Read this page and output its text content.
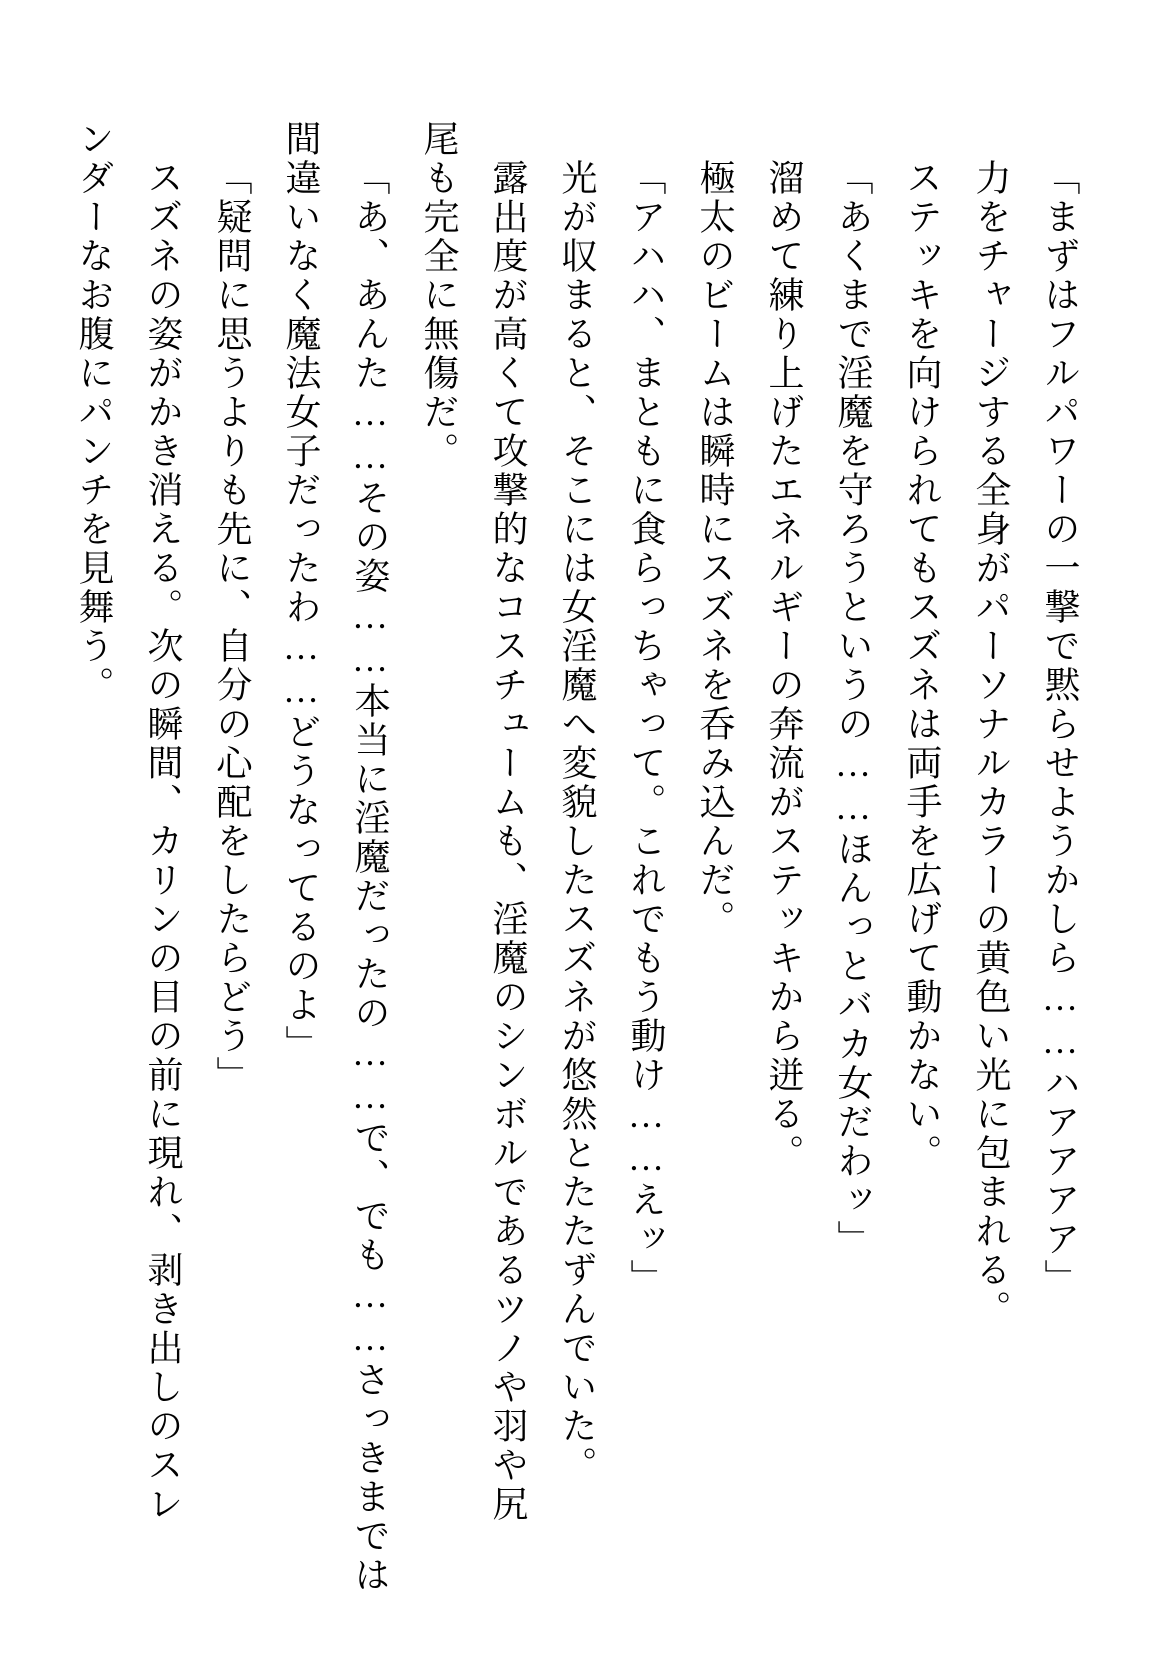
「まずはフルパワーの一撃で黙らせようかしら……ハアアアア」

力をチャージする全身がパーソナルカラーの黄色い光に包まれる。

ステッキを向けられてもスズネは両手を広げて動かない。

「あくまで淫魔を守ろうというの……ほんっとバカ女だわッ」

溜めて練り上げたエネルギーの奔流がステッキから迸る。

極太のビームは瞬時にスズネを呑み込んだ。

「アハハ、まともに食らっちゃって。これでもう動け……えッ」

光が収まると、そこには女淫魔へ変貌したスズネが悠然とたたずんでいた。

露出度が高くて攻撃的なコスチュームも、淫魔のシンボルであるツノや羽や尻

尾も完全に無傷だ。

「あ、あんた……その姿……本当に淫魔だったの……で、でも……さっきまでは

間違いなく魔法女子だったわ……どうなってるのよ」

「疑問に思うよりも先に、自分の心配をしたらどう」

スズネの姿がかき消える。次の瞬間、カリンの目の前に現れ、剥き出しのスレ

ンダーなお腹にパンチを見舞う。
